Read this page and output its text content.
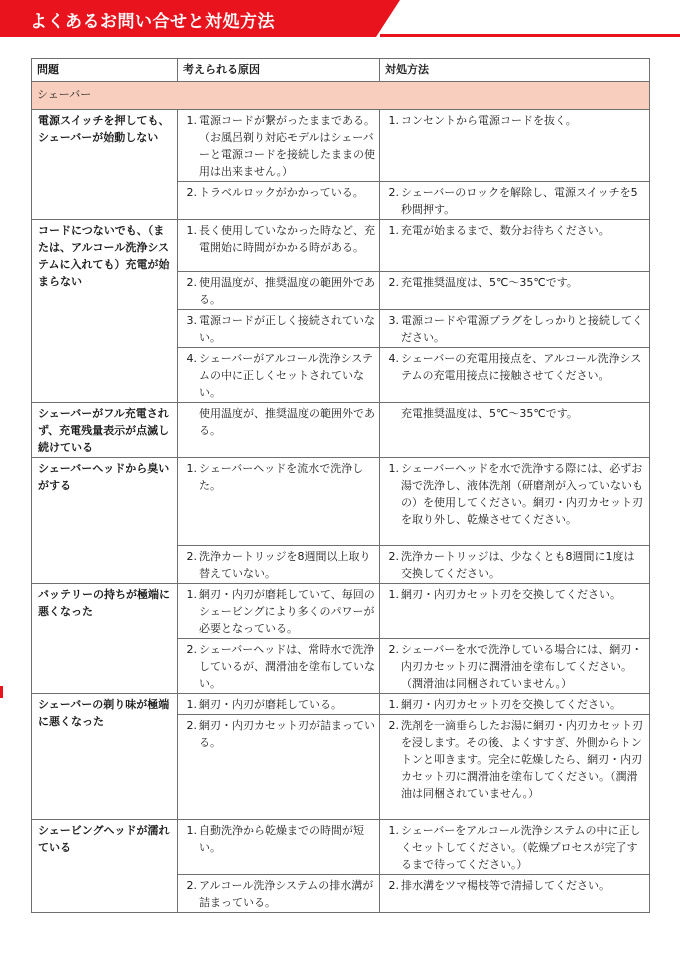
よくあるお問い合せと対処方法
問題	考えられる原因	対処方法
シェーバー		
電源スイッチを押しても、シェーバーが始動しない	1. 電源コードが繋がったままである。（お風呂剃り対応モデルはシェーバーと電源コードを接続したままの使用は出来ません。）	1. コンセントから電源コードを抜く。

	2. トラベルロックがかかっている。	2. シェーバーのロックを解除し、電源スイッチを5秒間押す。

コードにつないでも、（または、アルコール洗浄システムに入れても）充電が始まらない	1. 長く使用していなかった時など、充電開始に時間がかかる時がある。	1. 充電が始まるまで、数分お待ちください。

	2. 使用温度が、推奨温度の範囲外である。	2. 充電推奨温度は、5℃〜35℃です。

	3. 電源コードが正しく接続されていない。	3. 電源コードや電源プラグをしっかりと接続してください。

	4. シェーバーがアルコール洗浄システムの中に正しくセットされていない。	4. シェーバーの充電用接点を、アルコール洗浄システムの充電用接点に接触させてください。

シェーバーがフル充電されず、充電残量表示が点滅し続けている	使用温度が、推奨温度の範囲外である。	充電推奨温度は、5℃〜35℃です。

シェーバーヘッドから臭いがする	1. シェーバーヘッドを流水で洗浄した。	1. シェーバーヘッドを水で洗浄する際には、必ずお湯で洗浄し、液体洗剤（研磨剤が入っていないもの）を使用してください。網刃・内刃カセット刃を取り外し、乾燥させてください。

	2. 洗浄カートリッジを8週間以上取り替えていない。	2. 洗浄カートリッジは、少なくとも8週間に1度は交換してください。

バッテリーの持ちが極端に悪くなった	1. 網刃・内刃が磨耗していて、毎回のシェービングにより多くのパワーが必要となっている。	1. 網刃・内刃カセット刃を交換してください。

	2. シェーバーヘッドは、常時水で洗浄しているが、潤滑油を塗布していない。	2. シェーバーを水で洗浄している場合には、網刃・内刃カセット刃に潤滑油を塗布してください。（潤滑油は同梱されていません。）

シェーバーの剃り味が極端に悪くなった	1. 網刃・内刃が磨耗している。	1. 網刃・内刃カセット刃を交換してください。

	2. 網刃・内刃カセット刃が詰まっている。	2. 洗剤を一滴垂らしたお湯に網刃・内刃カセット刃を浸します。その後、よくすすぎ、外側からトントンと叩きます。完全に乾燥したら、網刃・内刃カセット刃に潤滑油を塗布してください。（潤滑油は同梱されていません。）

シェービングヘッドが濡れている	1. 自動洗浄から乾燥までの時間が短い。	1. シェーバーをアルコール洗浄システムの中に正しくセットしてください。（乾燥プロセスが完了するまで待ってください。）

	2. アルコール洗浄システムの排水溝が詰まっている。	2. 排水溝をツマ楊枝等で清掃してください。
